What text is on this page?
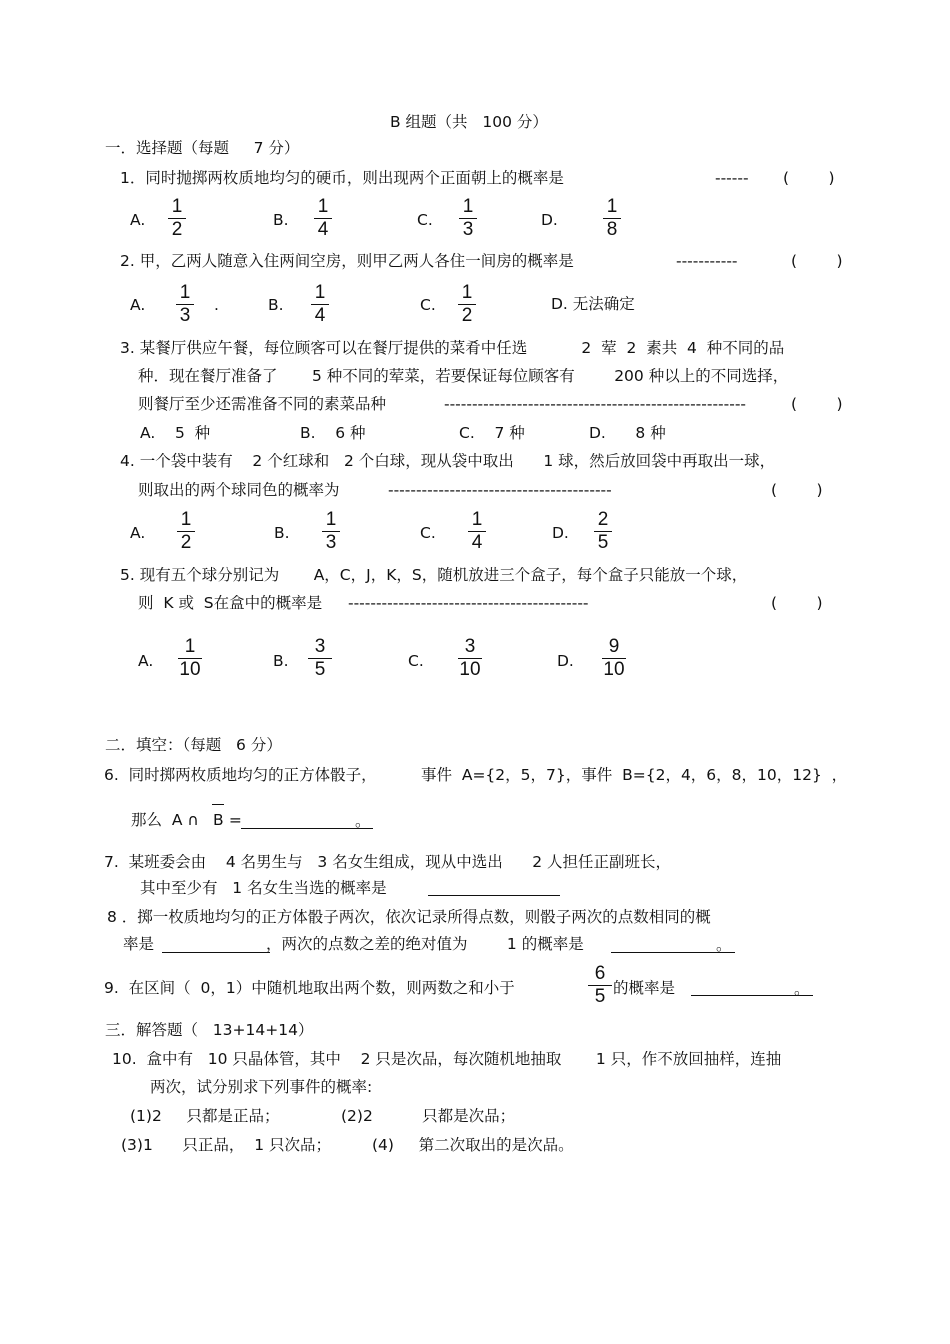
B 组题（共   100 分）
一．选择题（每题     7 分）
1．同时抛掷两枚质地均匀的硬币，则出现两个正面朝上的概率是	------ (        )
A.
1
2	B.
1
4	C.
1
3	D.
1
8
2. 甲，乙两人随意入住两间空房，则甲乙两人各住一间房的概率是	-----------	(        )
A.
1
3	.	B.
1
4	C.
1
2
D. 无法确定
3. 某餐厅供应午餐，每位顾客可以在餐厅提供的菜肴中任选           2  荤  2  素共  4  种不同的品
种．现在餐厅准备了       5 种不同的荤菜，若要保证每位顾客有        200 种以上的不同选择，
则餐厅至少还需准备不同的素菜品种	------------------------------------------------------	(        )
A.    5  种	B.    6 种	C.    7 种	D.      8 种
4. 一个袋中装有    2 个红球和   2 个白球，现从袋中取出      1 球，然后放回袋中再取出一球，
则取出的两个球同色的概率为	----------------------------------------	(        )
A.
1
2	B.
1
3	C.
1
4	D.
2
5
5. 现有五个球分别记为       A，C，J，K，S，随机放进三个盒子，每个盒子只能放一个球，
则  K 或  S在盒中的概率是 -------------------------------------------	(        )
A.
1
10	B.
3
5	C.
3
10	D.
9
10
二．填空：（每题   6 分）
6.  同时掷两枚质地均匀的正方体骰子，         事件  A={2，5，7}，事件  B={2，4，6，8，10，12}  ，
那么  A ∩ B =	。
7.  某班委会由    4 名男生与   3 名女生组成，现从中选出      2 人担任正副班长，
其中至少有   1 名女生当选的概率是
8 ．掷一枚质地均匀的正方体骰子两次，依次记录所得点数，则骰子两次的点数相同的概
率是	，两次的点数之差的绝对值为        1 的概率是	。
9.  在区间（  0，1）中随机地取出两个数，则两数之和小于
6
5 的概率是	。
三．解答题（   13+14+14）
10.  盒中有   10 只晶体管，其中    2 只是次品，每次随机地抽取       1 只，作不放回抽样，连抽
两次，试分别求下列事件的概率:
(1)2     只都是正品；	(2)2          只都是次品；
(3)1      只正品，  1 只次品；	(4)     第二次取出的是次品。
